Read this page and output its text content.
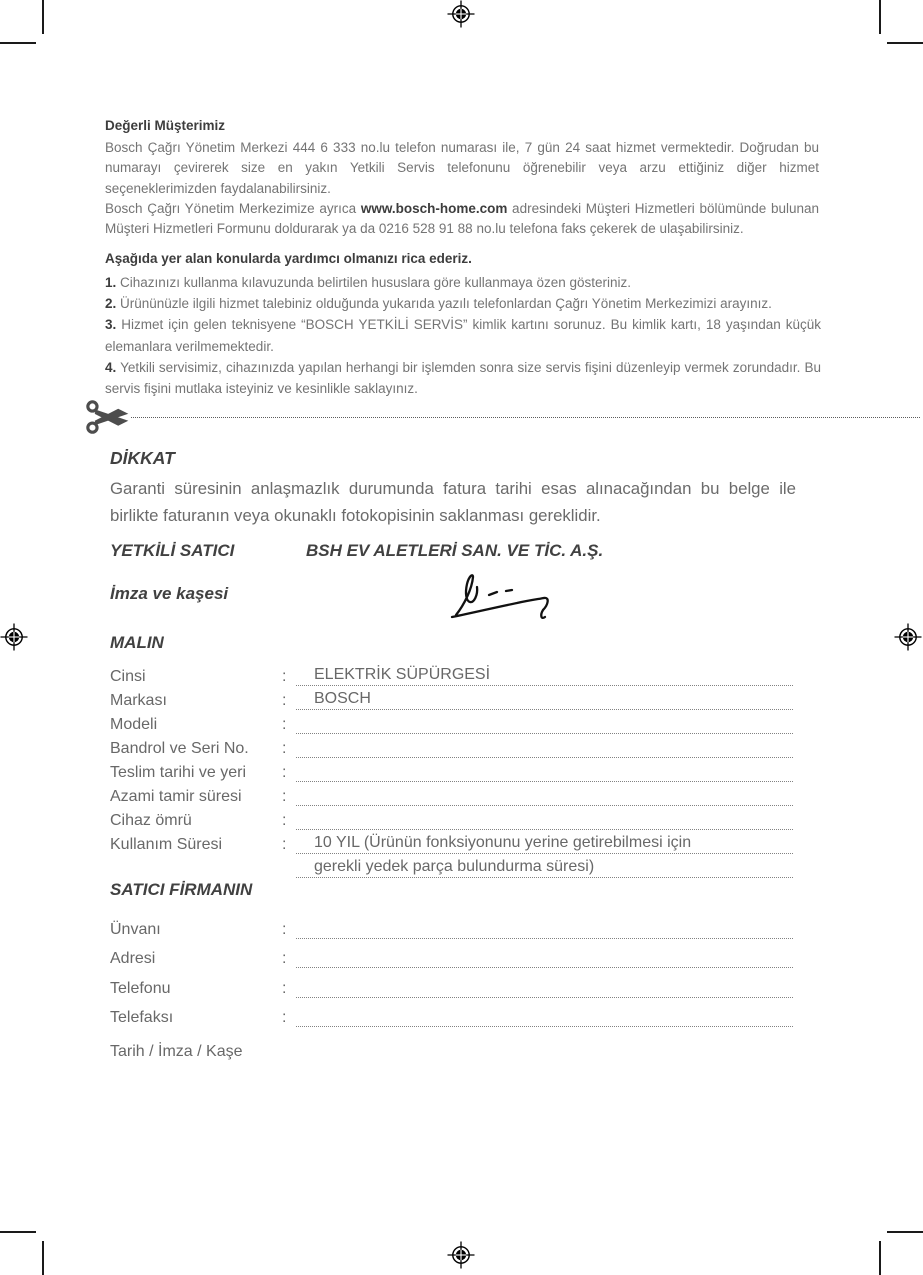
Değerli Müşterimiz

Bosch Çağrı Yönetim Merkezi 444 6 333 no.lu telefon numarası ile, 7 gün 24 saat hizmet vermektedir. Doğrudan bu numarayı çevirerek size en yakın Yetkili Servis telefonunu öğrenebilir veya arzu ettiğiniz diğer hizmet seçeneklerimizden faydalanabilirsiniz.

Bosch Çağrı Yönetim Merkezimize ayrıca www.bosch-home.com adresindeki Müşteri Hizmetleri bölümünde bulunan Müşteri Hizmetleri Formunu doldurarak ya da 0216 528 91 88 no.lu telefona faks çekerek de ulaşabilirsiniz.

Aşağıda yer alan konularda yardımcı olmanızı rica ederiz.
1. Cihazınızı kullanma kılavuzunda belirtilen hususlara göre kullanmaya özen gösteriniz.
2. Ürününüzle ilgili hizmet talebiniz olduğunda yukarıda yazılı telefonlardan Çağrı Yönetim Merkezimizi arayınız.
3. Hizmet için gelen teknisyene “BOSCH YETKİLİ SERVİS” kimlik kartını sorunuz. Bu kimlik kartı, 18 yaşından küçük elemanlara verilmemektedir.
4. Yetkili servisimiz, cihazınızda yapılan herhangi bir işlemden sonra size servis fişini düzenleyip vermek zorundadır. Bu servis fişini mutlaka isteyiniz ve kesinlikle saklayınız.
DİKKAT

Garanti süresinin anlaşmazlık durumunda fatura tarihi esas alınacağından bu belge ile birlikte faturanın veya okunaklı fotokopisinin saklanması gereklidir.

YETKİLİ SATICI	BSH EV ALETLERİ SAN. VE TİC. A.Ş.
İmza ve kaşesi
MALIN
Cinsi	:	ELEKTRİK SÜPÜRGESİ
Markası	:	BOSCH
Modeli	:
Bandrol ve Seri No.	:
Teslim tarihi ve yeri	:
Azami tamir süresi	:
Cihaz ömrü	:
Kullanım Süresi	:	10 YIL (Ürünün fonksiyonunu yerine getirebilmesi için
gerekli yedek parça bulundurma süresi)
SATICI FİRMANIN
Ünvanı	:
Adresi	:
Telefonu	:
Telefaksı	:
Tarih / İmza / Kaşe
